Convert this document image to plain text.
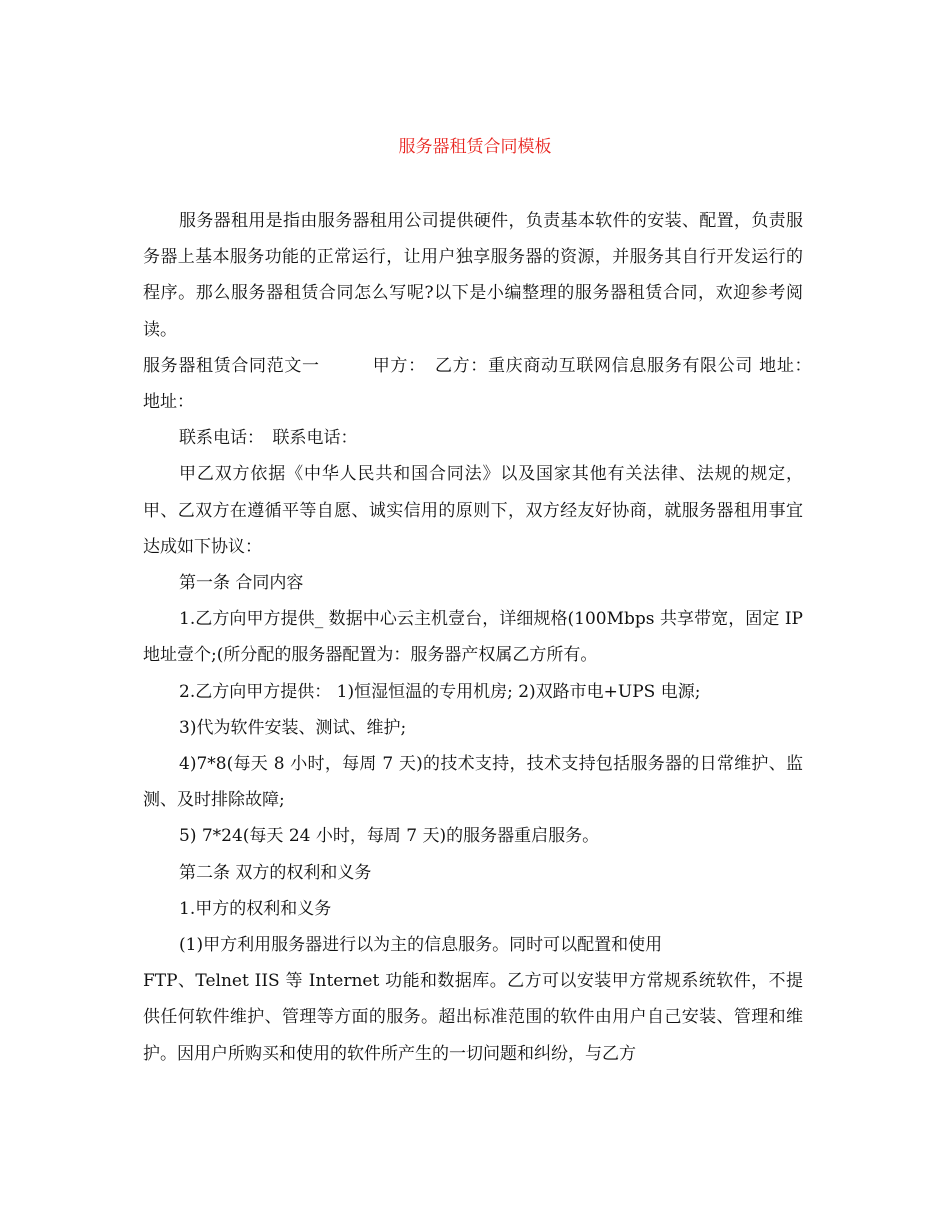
服务器租赁合同模板

服务器租用是指由服务器租用公司提供硬件，负责基本软件的安装、配置，负责服务器上基本服务功能的正常运行，让用户独享服务器的资源，并服务其自行开发运行的程序。那么服务器租赁合同怎么写呢?以下是小编整理的服务器租赁合同，欢迎参考阅读。

服务器租赁合同范文一　　　甲方：　乙方：重庆商动互联网信息服务有限公司 地址：　地址：

联系电话：　联系电话：

甲乙双方依据《中华人民共和国合同法》以及国家其他有关法律、法规的规定，甲、乙双方在遵循平等自愿、诚实信用的原则下，双方经友好协商，就服务器租用事宜达成如下协议：

第一条 合同内容

1.乙方向甲方提供_ 数据中心云主机壹台，详细规格(100Mbps 共享带宽，固定 IP 地址壹个;(所分配的服务器配置为：服务器产权属乙方所有。

2.乙方向甲方提供： 1)恒湿恒温的专用机房; 2)双路市电+UPS 电源;

3)代为软件安装、测试、维护;

4)7*8(每天 8 小时，每周 7 天)的技术支持，技术支持包括服务器的日常维护、监测、及时排除故障;

5) 7*24(每天 24 小时，每周 7 天)的服务器重启服务。

第二条 双方的权利和义务

1.甲方的权利和义务

(1)甲方利用服务器进行以为主的信息服务。同时可以配置和使用

FTP、Telnet IIS 等 Internet 功能和数据库。乙方可以安装甲方常规系统软件，不提供任何软件维护、管理等方面的服务。超出标准范围的软件由用户自己安装、管理和维护。因用户所购买和使用的软件所产生的一切问题和纠纷，与乙方
